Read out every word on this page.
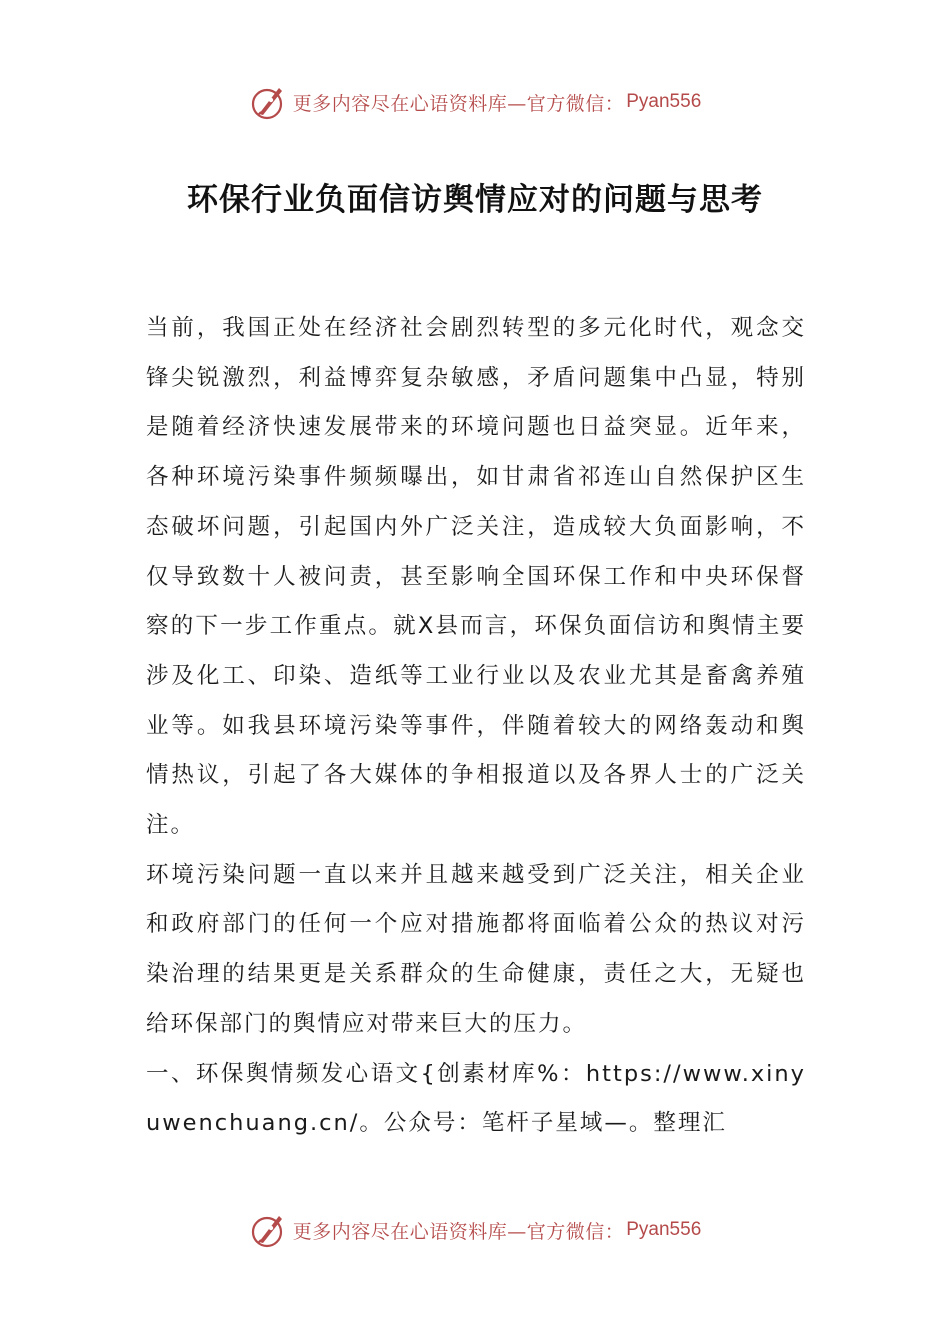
更多内容尽在心语资料库—官方微信： Pyan556
环保行业负面信访舆情应对的问题与思考

当前，我国正处在经济社会剧烈转型的多元化时代，观念交锋尖锐激烈，利益博弈复杂敏感，矛盾问题集中凸显，特别是随着经济快速发展带来的环境问题也日益突显。近年来，各种环境污染事件频频曝出，如甘肃省祁连山自然保护区生态破坏问题，引起国内外广泛关注，造成较大负面影响，不仅导致数十人被问责，甚至影响全国环保工作和中央环保督察的下一步工作重点。就X县而言，环保负面信访和舆情主要涉及化工、印染、造纸等工业行业以及农业尤其是畜禽养殖业等。如我县环境污染等事件，伴随着较大的网络轰动和舆情热议，引起了各大媒体的争相报道以及各界人士的广泛关注。

环境污染问题一直以来并且越来越受到广泛关注，相关企业和政府部门的任何一个应对措施都将面临着公众的热议对污染治理的结果更是关系群众的生命健康，责任之大，无疑也给环保部门的舆情应对带来巨大的压力。

一、环保舆情频发心语文{创素材库%：https://www.xinyuwenchuang.cn/。公众号：笔杆子星域—。整理汇

更多内容尽在心语资料库—官方微信： Pyan556
